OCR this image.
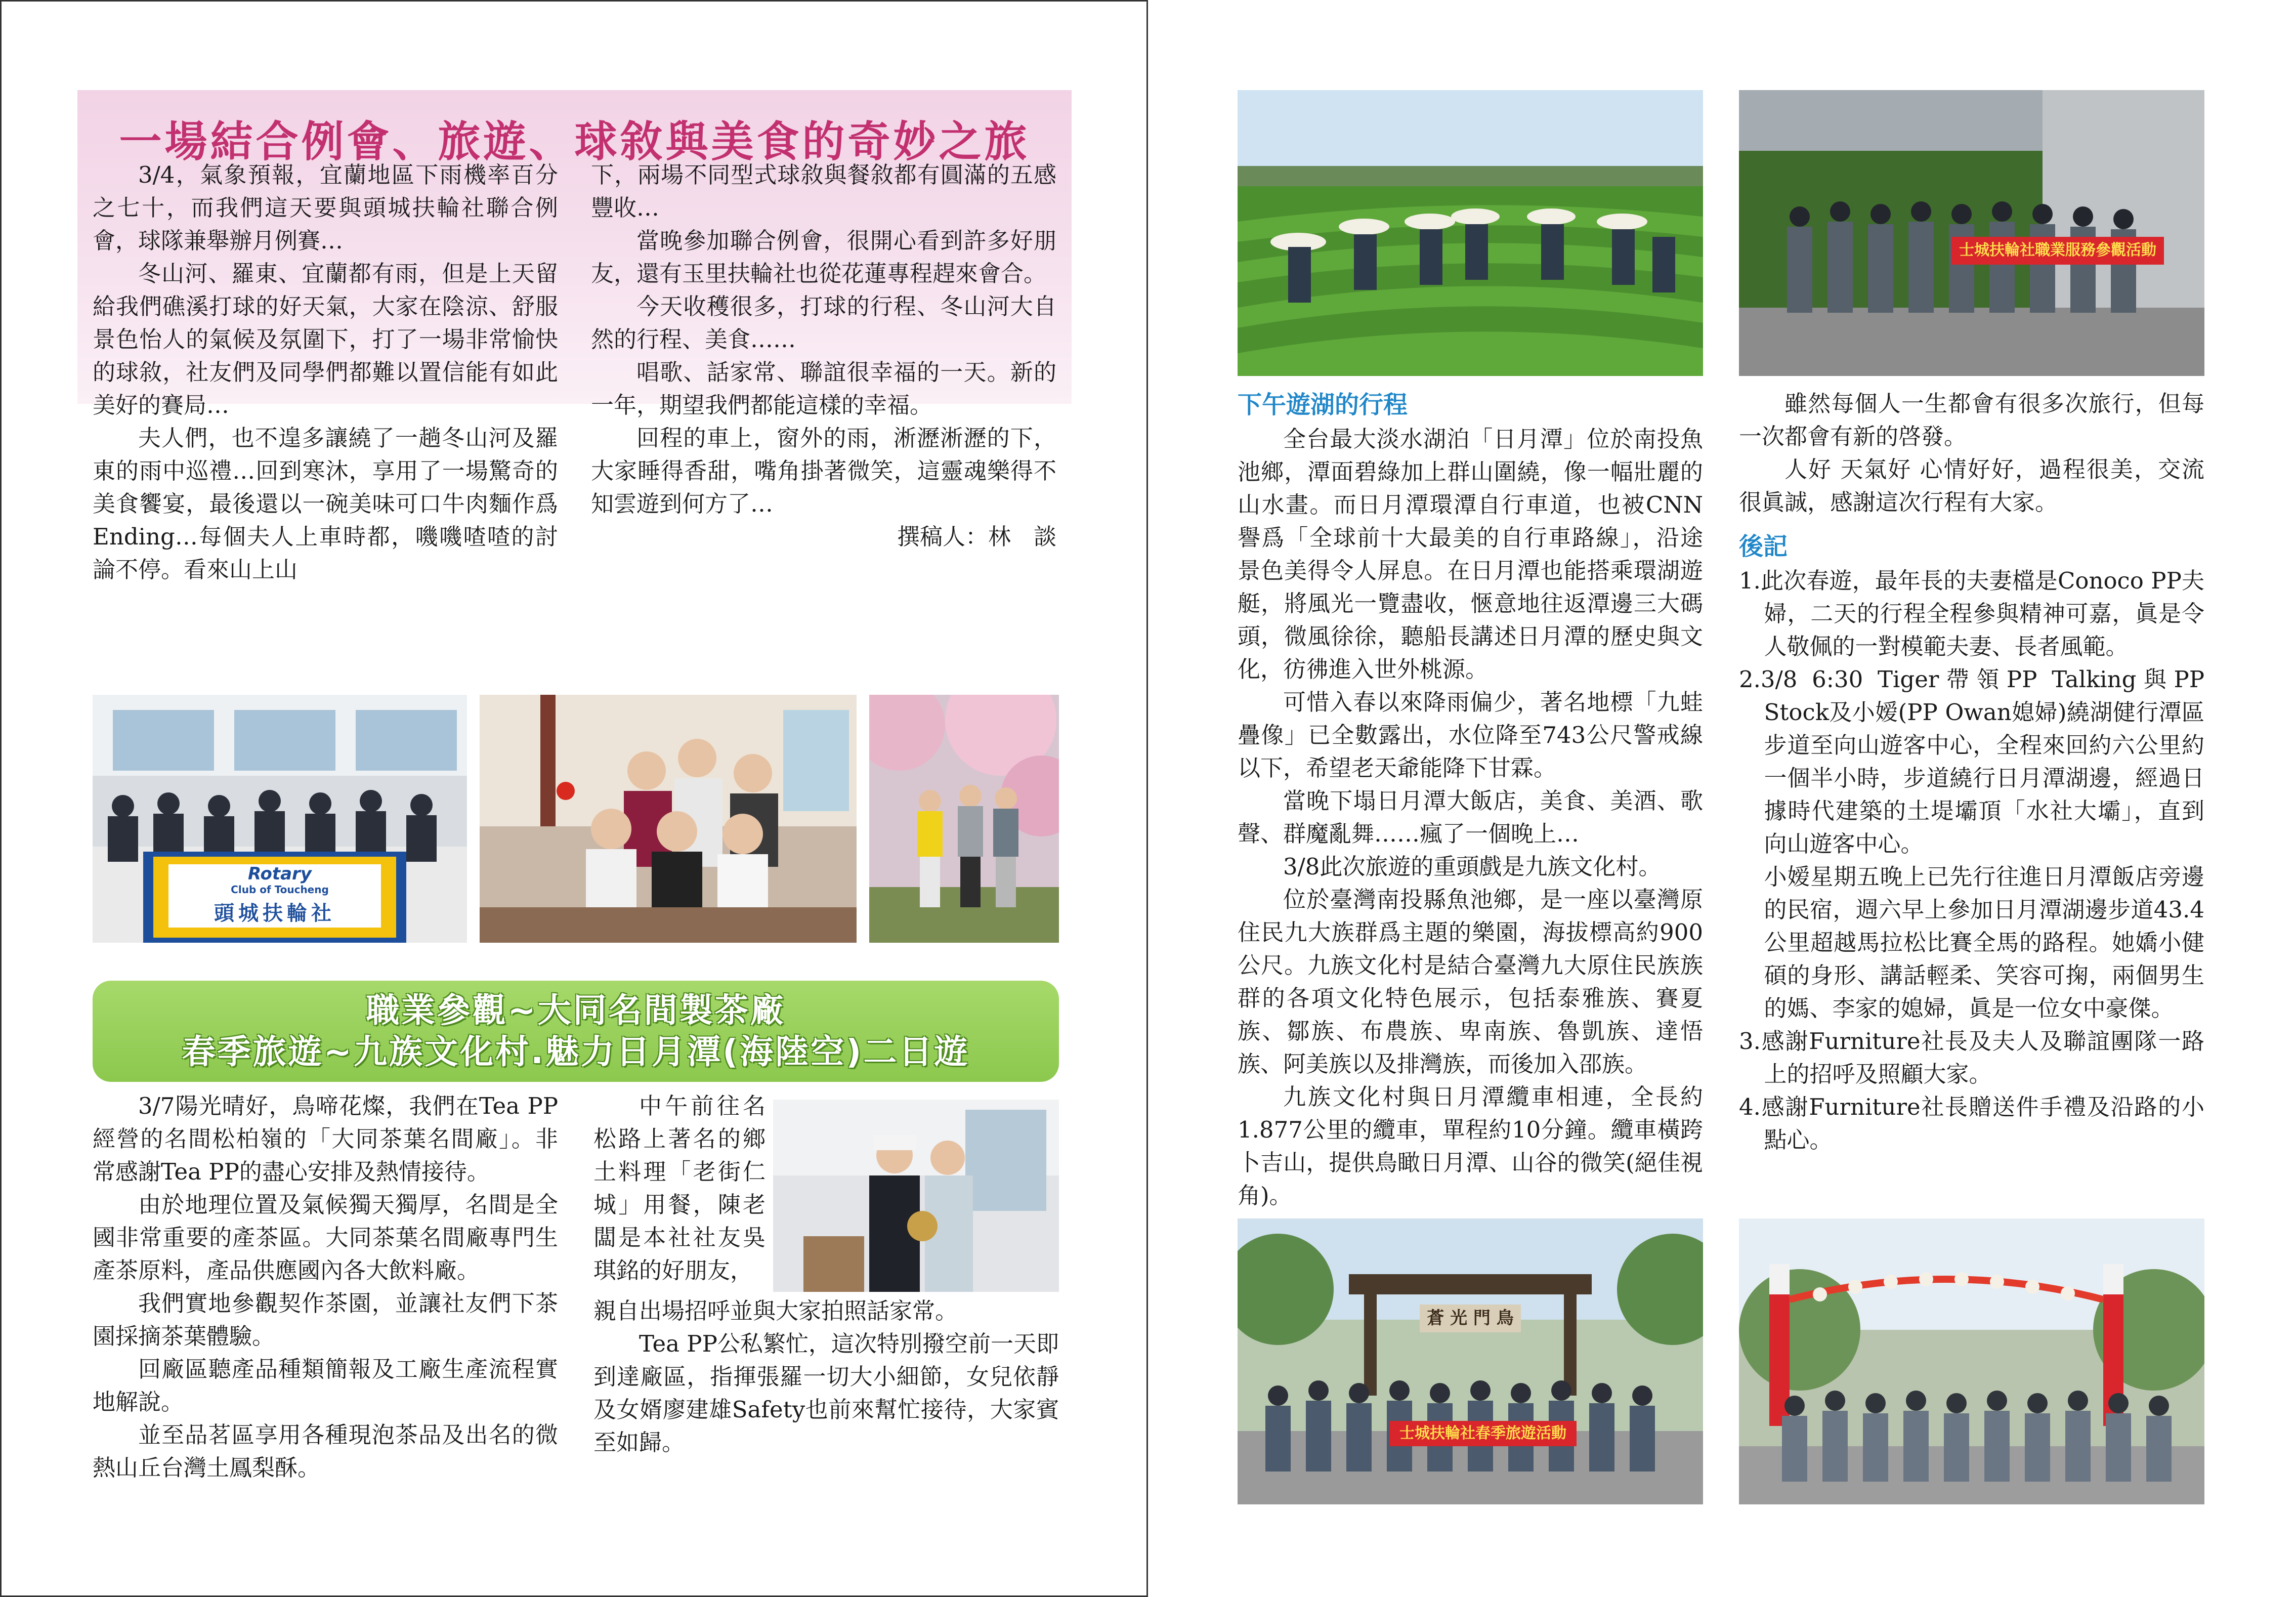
一場結合例會、旅遊、球敘與美食的奇妙之旅

3/4，氣象預報，宜蘭地區下雨機率百分之七十，而我們這天要與頭城扶輪社聯合例會，球隊兼舉辦月例賽…

冬山河、羅東、宜蘭都有雨，但是上天留給我們礁溪打球的好天氣，大家在陰涼、舒服景色怡人的氣候及氛圍下，打了一場非常愉快的球敘，社友們及同學們都難以置信能有如此美好的賽局…

夫人們，也不遑多讓繞了一趟冬山河及羅東的雨中巡禮…回到寒沐，享用了一場驚奇的美食饗宴，最後還以一碗美味可口牛肉麵作爲Ending…每個夫人上車時都，嘰嘰喳喳的討論不停。看來山上山

下，兩場不同型式球敘與餐敘都有圓滿的五感豐收…

當晚參加聯合例會，很開心看到許多好朋友，還有玉里扶輪社也從花蓮專程趕來會合。

今天收穫很多，打球的行程、冬山河大自然的行程、美食……

唱歌、話家常、聯誼很幸福的一天。新的一年，期望我們都能這樣的幸福。

回程的車上，窗外的雨，淅瀝淅瀝的下，大家睡得香甜，嘴角掛著微笑，這靈魂樂得不知雲遊到何方了…

撰稿人：林　談

Rotary
Club of Toucheng
頭城扶輪社
職業參觀~大同名間製茶廠
春季旅遊~九族文化村.魅力日月潭(海陸空)二日遊

3/7陽光晴好，鳥啼花燦，我們在Tea PP經營的名間松柏嶺的「大同茶葉名間廠」。非常感謝Tea PP的盡心安排及熱情接待。

由於地理位置及氣候獨天獨厚，名間是全國非常重要的產茶區。大同茶葉名間廠專門生產茶原料，產品供應國內各大飲料廠。

我們實地參觀契作茶園，並讓社友們下茶園採摘茶葉體驗。

回廠區聽產品種類簡報及工廠生產流程實地解說。

並至品茗區享用各種現泡茶品及出名的微熱山丘台灣土鳳梨酥。

中午前往名松路上著名的鄉土料理「老街仁城」用餐，陳老闆是本社社友吳琪銘的好朋友，

親自出場招呼並與大家拍照話家常。

Tea PP公私繁忙，這次特別撥空前一天即到達廠區，指揮張羅一切大小細節，女兒依靜及女婿廖建雄Safety也前來幫忙接待，大家賓至如歸。

士城扶輪社職業服務參觀活動
下午遊湖的行程

全台最大淡水湖泊「日月潭」位於南投魚池鄉，潭面碧綠加上群山圍繞，像一幅壯麗的山水畫。而日月潭環潭自行車道，也被CNN譽爲「全球前十大最美的自行車路線」，沿途景色美得令人屏息。在日月潭也能搭乘環湖遊艇，將風光一覽盡收，愜意地往返潭邊三大碼頭，微風徐徐，聽船長講述日月潭的歷史與文化，彷彿進入世外桃源。

可惜入春以來降雨偏少，著名地標「九蛙疊像」已全數露出，水位降至743公尺警戒線以下，希望老天爺能降下甘霖。

當晚下塌日月潭大飯店，美食、美酒、歌聲、群魔亂舞……瘋了一個晚上…

3/8此次旅遊的重頭戲是九族文化村。

位於臺灣南投縣魚池鄉，是一座以臺灣原住民九大族群爲主題的樂園，海拔標高約900公尺。九族文化村是結合臺灣九大原住民族族群的各項文化特色展示，包括泰雅族、賽夏族、鄒族、布農族、卑南族、魯凱族、達悟族、阿美族以及排灣族，而後加入邵族。

九族文化村與日月潭纜車相連，全長約1.877公里的纜車，單程約10分鐘。纜車橫跨卜吉山，提供鳥瞰日月潭、山谷的微笑(絕佳視角)。

雖然每個人一生都會有很多次旅行，但每一次都會有新的啓發。

人好 天氣好 心情好好，過程很美，交流很眞誠，感謝這次行程有大家。

後記

1.此次春遊，最年長的夫妻檔是Conoco PP夫婦，二天的行程全程參與精神可嘉，眞是令人敬佩的一對模範夫妻、長者風範。

2.3/8 6:30 Tiger帶領PP Talking與PP Stock及小嫒(PP Owan媳婦)繞湖健行潭區步道至向山遊客中心，全程來回約六公里約一個半小時，步道繞行日月潭湖邊，經過日據時代建築的土堤壩頂「水社大壩」，直到向山遊客中心。

小嫒星期五晚上已先行往進日月潭飯店旁邊的民宿，週六早上參加日月潭湖邊步道43.4公里超越馬拉松比賽全馬的路程。她嬌小健碩的身形、講話輕柔、笑容可掬，兩個男生的媽、李家的媳婦，眞是一位女中豪傑。

3.感謝Furniture社長及夫人及聯誼團隊一路上的招呼及照顧大家。

4.感謝Furniture社長贈送件手禮及沿路的小點心。

蒼 光 門 鳥
士城扶輪社春季旅遊活動
